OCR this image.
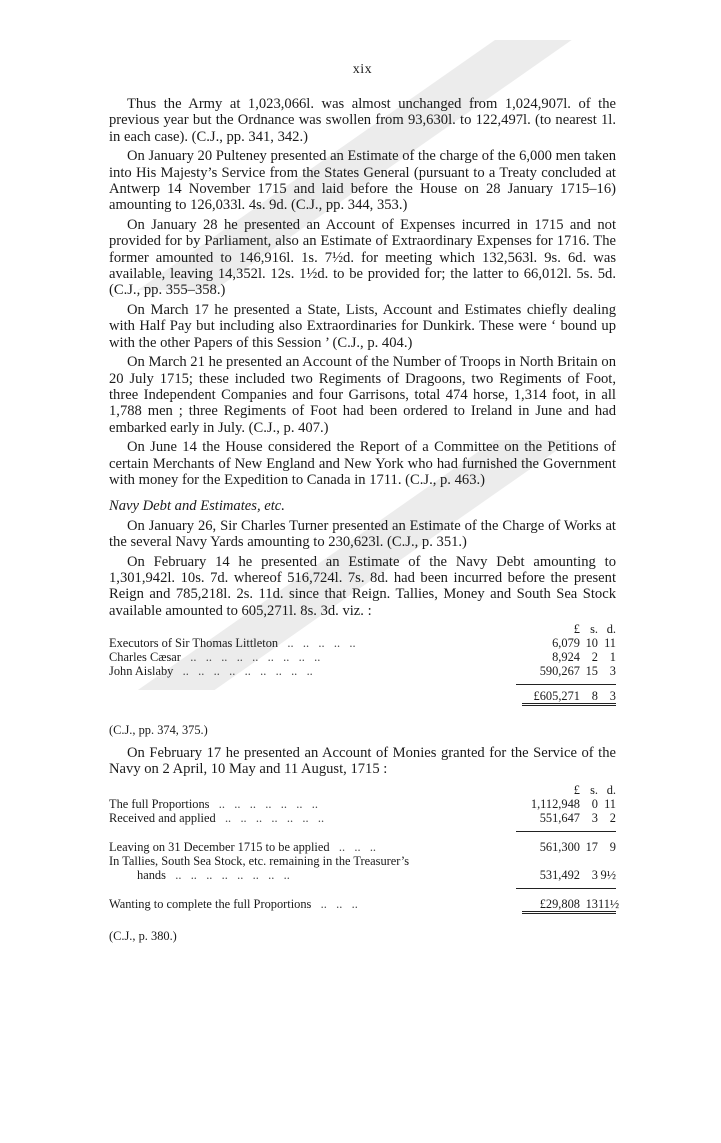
xix

Thus the Army at 1,023,066l. was almost unchanged from 1,024,907l. of the previous year but the Ordnance was swollen from 93,630l. to 122,497l. (to nearest 1l. in each case). (C.J., pp. 341, 342.)

On January 20 Pulteney presented an Estimate of the charge of the 6,000 men taken into His Majesty’s Service from the States General (pursuant to a Treaty concluded at Antwerp 14 November 1715 and laid before the House on 28 January 1715–16) amounting to 126,033l. 4s. 9d. (C.J., pp. 344, 353.)

On January 28 he presented an Account of Expenses incurred in 1715 and not provided for by Parliament, also an Estimate of Extraordinary Expenses for 1716. The former amounted to 146,916l. 1s. 7½d. for meeting which 132,563l. 9s. 6d. was available, leaving 14,352l. 12s. 1½d. to be provided for; the latter to 66,012l. 5s. 5d. (C.J., pp. 355–358.)

On March 17 he presented a State, Lists, Account and Estimates chiefly dealing with Half Pay but including also Extraordinaries for Dunkirk. These were ‘ bound up with the other Papers of this Session ’ (C.J., p. 404.)

On March 21 he presented an Account of the Number of Troops in North Britain on 20 July 1715; these included two Regiments of Dragoons, two Regiments of Foot, three Independent Companies and four Garrisons, total 474 horse, 1,314 foot, in all 1,788 men ; three Regiments of Foot had been ordered to Ireland in June and had embarked early in July. (C.J., p. 407.)

On June 14 the House considered the Report of a Committee on the Petitions of certain Merchants of New England and New York who had furnished the Government with money for the Expedition to Canada in 1711. (C.J., p. 463.)

Navy Debt and Estimates, etc.

On January 26, Sir Charles Turner presented an Estimate of the Charge of Works at the several Navy Yards amounting to 230,623l. (C.J., p. 351.)

On February 14 he presented an Estimate of the Navy Debt amounting to 1,301,942l. 10s. 7d. whereof 516,724l. 7s. 8d. had been incurred before the present Reign and 785,218l. 2s. 11d. since that Reign. Tallies, Money and South Sea Stock available amounted to 605,271l. 8s. 3d. viz. :

£ s. d.
Executors of Sir Thomas Littleton   ..   ..   ..   ..   ..	6,079 10 11
Charles Cæsar   ..   ..   ..   ..   ..   ..   ..   ..   ..	8,924 2 1
John Aislaby   ..   ..   ..   ..   ..   ..   ..   ..   ..	590,267 15 3
£605,271 8 3
(C.J., pp. 374, 375.)

On February 17 he presented an Account of Monies granted for the Service of the Navy on 2 April, 10 May and 11 August, 1715 :

£ s. d.
The full Proportions   ..   ..   ..   ..   ..   ..   ..	1,112,948 0 11
Received and applied   ..   ..   ..   ..   ..   ..   ..	551,647 3 2
Leaving on 31 December 1715 to be applied   ..   ..   ..	561,300 17 9
In Tallies, South Sea Stock, etc. remaining in the Treasurer’s
hands   ..   ..   ..   ..   ..   ..   ..   ..	531,492 3 9½
Wanting to complete the full Proportions   ..   ..   ..	£29,808 13 11½
(C.J., p. 380.)
